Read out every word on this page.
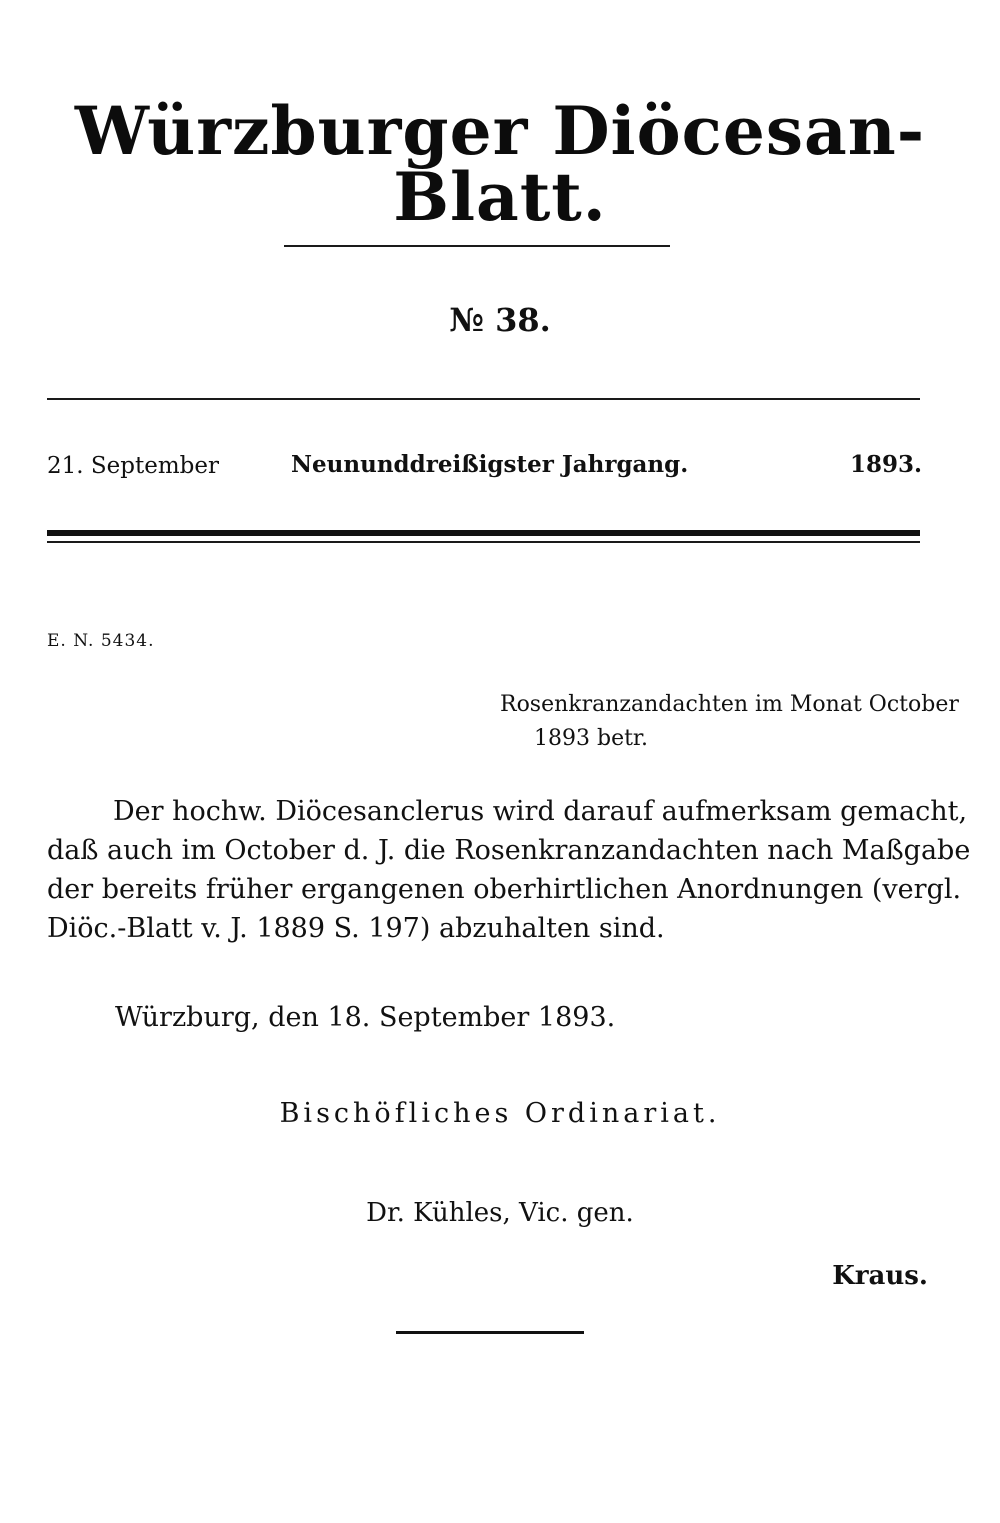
Würzburger Diöcesan-Blatt.
№ 38.
21. September	Neununddreißigster Jahrgang.	1893.
E. N. 5434.
Rosenkranzandachten im Monat October
1893 betr.
Der hochw. Diöcesanclerus wird darauf aufmerksam gemacht,
daß auch im October d. J. die Rosenkranzandachten nach Maßgabe
der bereits früher ergangenen oberhirtlichen Anordnungen (vergl.
Diöc.-Blatt v. J. 1889 S. 197) abzuhalten sind.
Würzburg, den 18. September 1893.
Bischöfliches Ordinariat.
Dr. Kühles, Vic. gen.
Kraus.
